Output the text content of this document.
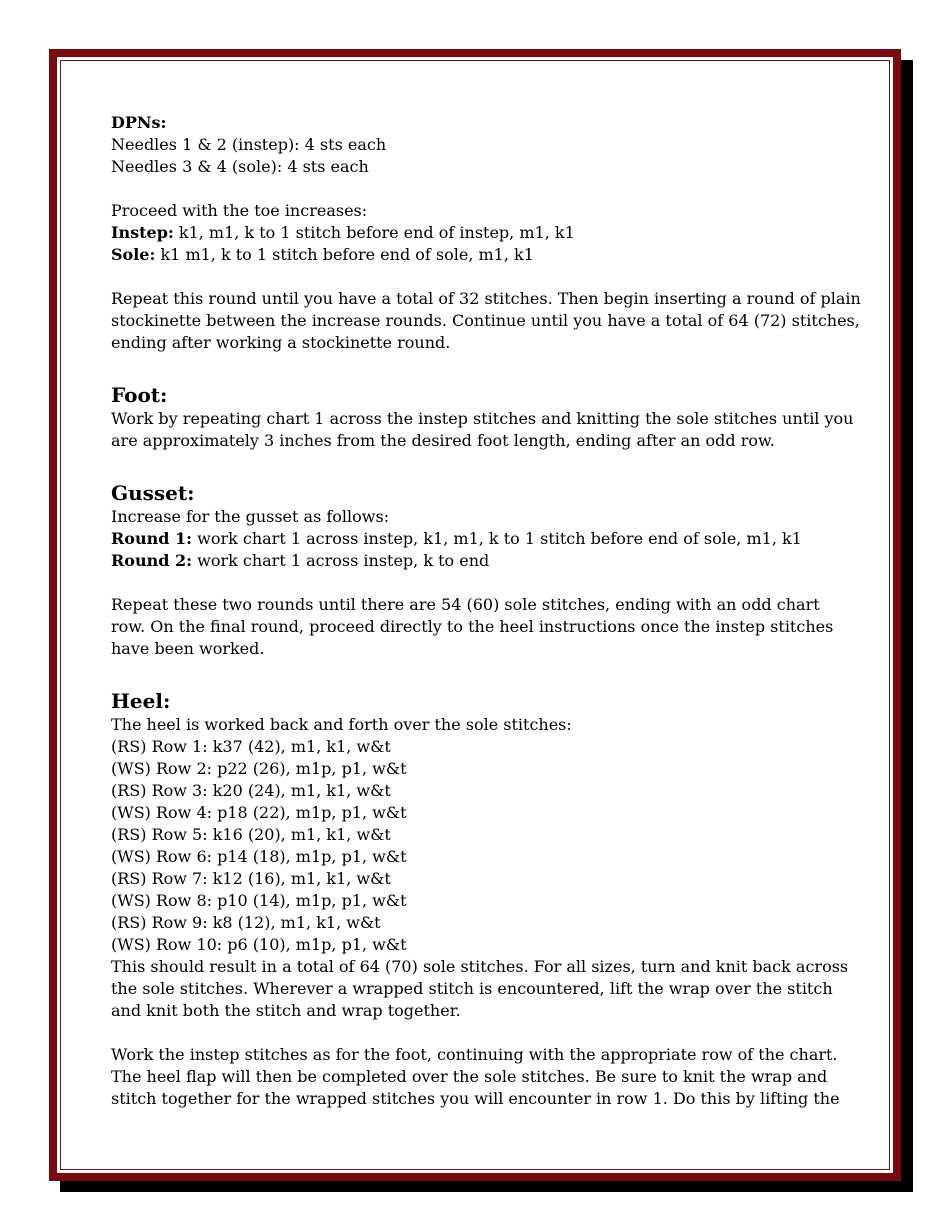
DPNs:
Needles 1 & 2 (instep): 4 sts each
Needles 3 & 4 (sole): 4 sts each
Proceed with the toe increases:
Instep: k1, m1, k to 1 stitch before end of instep, m1, k1
Sole: k1 m1, k to 1 stitch before end of sole, m1, k1
Repeat this round until you have a total of 32 stitches. Then begin inserting a round of plain
stockinette between the increase rounds. Continue until you have a total of 64 (72) stitches,
ending after working a stockinette round.
Foot:
Work by repeating chart 1 across the instep stitches and knitting the sole stitches until you
are approximately 3 inches from the desired foot length, ending after an odd row.
Gusset:
Increase for the gusset as follows:
Round 1: work chart 1 across instep, k1, m1, k to 1 stitch before end of sole, m1, k1
Round 2: work chart 1 across instep, k to end
Repeat these two rounds until there are 54 (60) sole stitches, ending with an odd chart
row. On the final round, proceed directly to the heel instructions once the instep stitches
have been worked.
Heel:
The heel is worked back and forth over the sole stitches:
(RS) Row 1: k37 (42), m1, k1, w&t
(WS) Row 2: p22 (26), m1p, p1, w&t
(RS) Row 3: k20 (24), m1, k1, w&t
(WS) Row 4: p18 (22), m1p, p1, w&t
(RS) Row 5: k16 (20), m1, k1, w&t
(WS) Row 6: p14 (18), m1p, p1, w&t
(RS) Row 7: k12 (16), m1, k1, w&t
(WS) Row 8: p10 (14), m1p, p1, w&t
(RS) Row 9: k8 (12), m1, k1, w&t
(WS) Row 10: p6 (10), m1p, p1, w&t
This should result in a total of 64 (70) sole stitches. For all sizes, turn and knit back across
the sole stitches. Wherever a wrapped stitch is encountered, lift the wrap over the stitch
and knit both the stitch and wrap together.
Work the instep stitches as for the foot, continuing with the appropriate row of the chart.
The heel flap will then be completed over the sole stitches. Be sure to knit the wrap and
stitch together for the wrapped stitches you will encounter in row 1. Do this by lifting the
